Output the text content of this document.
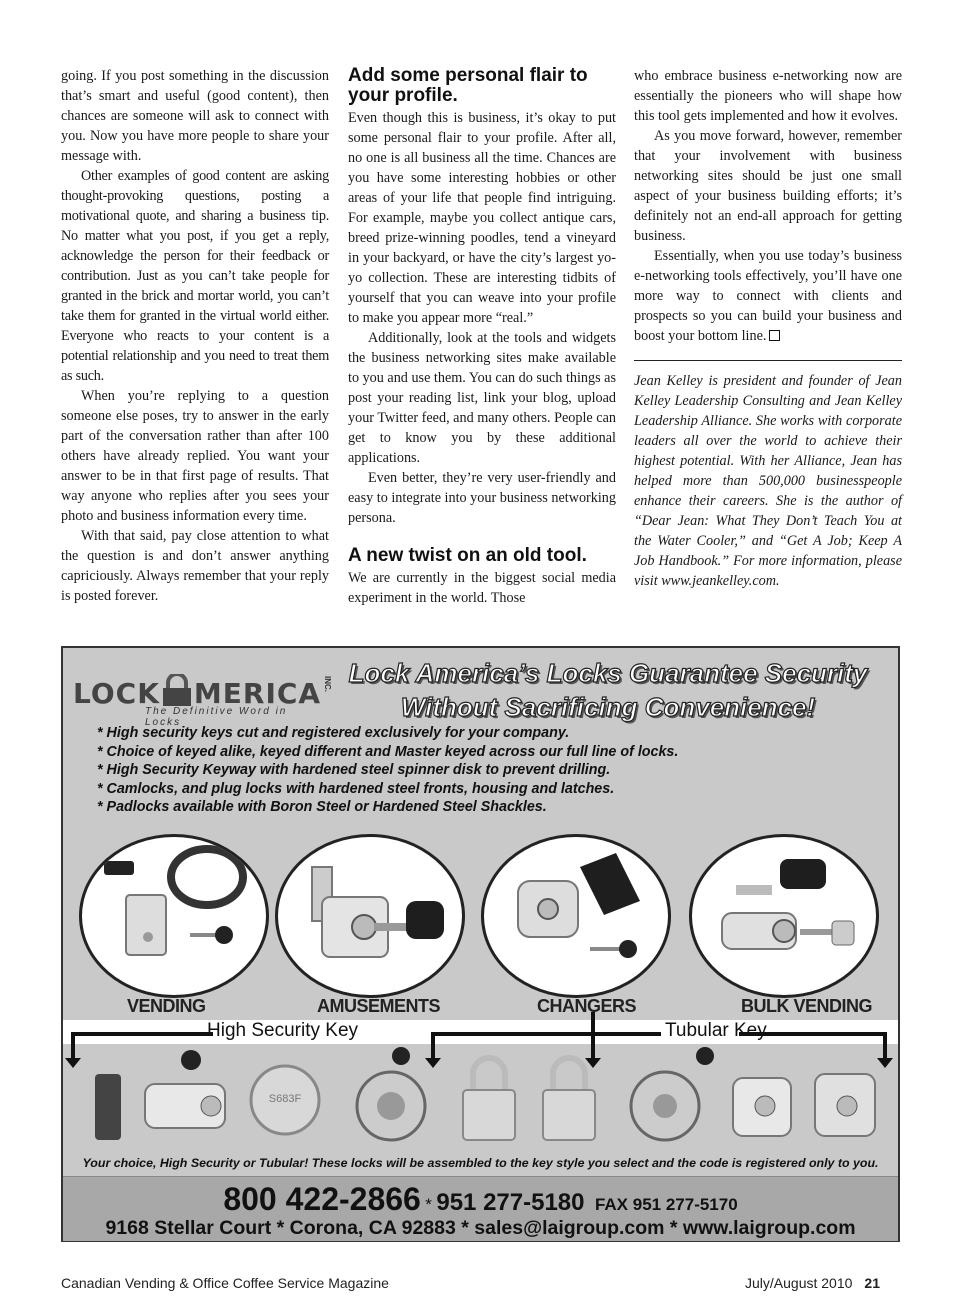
going. If you post something in the discussion that’s smart and useful (good content), then chances are someone will ask to connect with you. Now you have more people to share your message with.

Other examples of good content are asking thought-provoking questions, posting a motivational quote, and sharing a business tip. No matter what you post, if you get a reply, acknowledge the person for their feedback or contribution. Just as you can’t take people for granted in the brick and mortar world, you can’t take them for granted in the virtual world either. Everyone who reacts to your content is a potential relationship and you need to treat them as such.

When you’re replying to a question someone else poses, try to answer in the early part of the conversation rather than after 100 others have already replied. You want your answer to be in that first page of results. That way anyone who replies after you sees your photo and business information every time.

With that said, pay close attention to what the question is and don’t answer anything capriciously. Always remember that your reply is posted forever.

Add some personal flair to your profile.

Even though this is business, it’s okay to put some personal flair to your profile. After all, no one is all business all the time. Chances are you have some interesting hobbies or other areas of your life that people find intriguing. For example, maybe you collect antique cars, breed prize-winning poodles, tend a vineyard in your backyard, or have the city’s largest yo-yo collection. These are interesting tidbits of yourself that you can weave into your profile to make you appear more “real.”

Additionally, look at the tools and widgets the business networking sites make available to you and use them. You can do such things as post your reading list, link your blog, upload your Twitter feed, and many others. People can get to know you by these additional applications.

Even better, they’re very user-friendly and easy to integrate into your business networking persona.

A new twist on an old tool.

We are currently in the biggest social media experiment in the world. Those

who embrace business e-networking now are essentially the pioneers who will shape how this tool gets implemented and how it evolves.

As you move forward, however, remember that your involvement with business networking sites should be just one small aspect of your business building efforts; it’s definitely not an end-all approach for getting business.

Essentially, when you use today’s business e-networking tools effectively, you’ll have one more way to connect with clients and prospects so you can build your business and boost your bottom line.

Jean Kelley is president and founder of Jean Kelley Leadership Consulting and Jean Kelley Leadership Alliance. She works with corporate leaders all over the world to achieve their highest potential. With her Alliance, Jean has helped more than 500,000 businesspeople enhance their careers. She is the author of “Dear Jean: What They Don’t Teach You at the Water Cooler,” and “Get A Job; Keep A Job Handbook.” For more information, please visit www.jeankelley.com.

LOCK MERICA INC.
The Definitive Word in Locks
Lock America’s Locks Guarantee Security
Without Sacrificing Convenience!
* High security keys cut and registered exclusively for your company.
* Choice of keyed alike, keyed different and Master keyed across our full line of locks.
* High Security Keyway with hardened steel spinner disk to prevent drilling.
* Camlocks, and plug locks with hardened steel fronts, housing and latches.
* Padlocks available with Boron Steel or Hardened Steel Shackles.
VENDING	AMUSEMENTS	CHANGERS	BULK VENDING
High Security Key	Tubular Key
S683F
Your choice, High Security or Tubular! These locks will be assembled to the key style you select and the code is registered only to you.
800 422-2866 * 951 277-5180 FAX 951 277-5170
9168 Stellar Court * Corona, CA 92883 * sales@laigroup.com * www.laigroup.com
Canadian Vending & Office Coffee Service Magazine	July/August 2010 21
